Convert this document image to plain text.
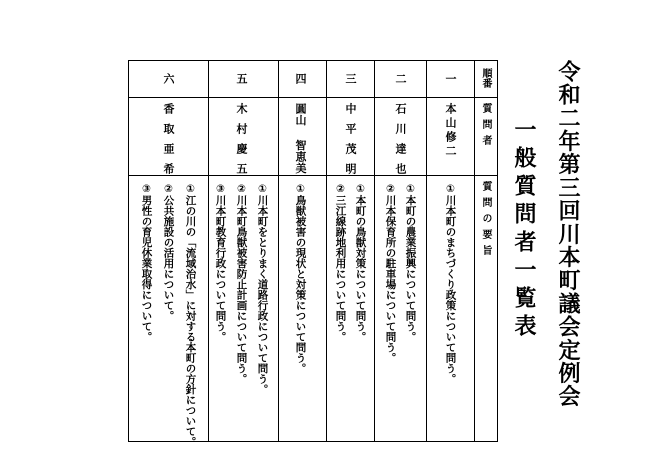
令和二年第三回川本町議会定例会
一般質問者一覧表
順番
質問者
質問の要旨
一
本山修二
①川本町のまちづくり政策について問う。
二
石川達也
①本町の農業振興について問う。
②川本保育所の駐車場について問う。
三
中平茂明
①本町の鳥獣対策について問う。
②三江線跡地利用について問う。
四
圓山 智恵美
①鳥獣被害の現状と対策について問う。
五
木村慶五
①川本町をとりまく道路行政について問う。
②川本町鳥獣被害防止計画について問う。
③川本町教育行政について問う。
六
香取亜希
①江の川の「流域治水」に対する本町の方針について。
②公共施設の活用について。
③男性の育児休業取得について。
